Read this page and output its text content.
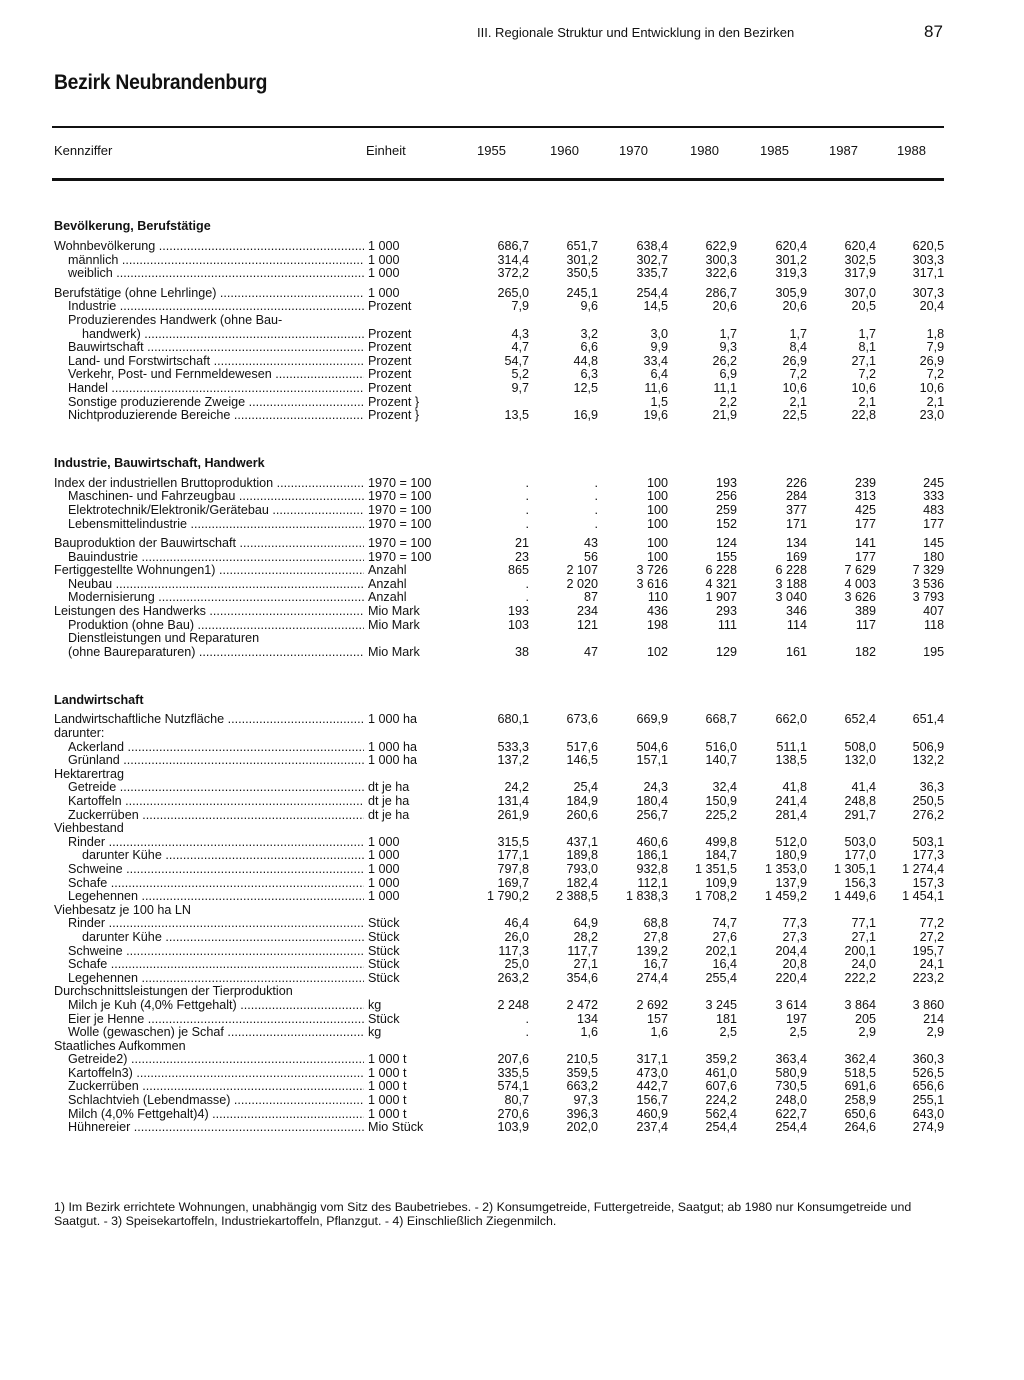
III. Regionale Struktur und Entwicklung in den Bezirken	87
Bezirk Neubrandenburg
Kennziffer	Einheit	1955	1960	1970	1980	1985	1987	1988
Bevölkerung, Berufstätige								

Wohnbevölkerung .....	1 000	686,7	651,7	638,4	622,9	620,4	620,4	620,5

männlich .....	1 000	314,4	301,2	302,7	300,3	301,2	302,5	303,3

weiblich .....	1 000	372,2	350,5	335,7	322,6	319,3	317,9	317,1

Berufstätige (ohne Lehrlinge) .....	1 000	265,0	245,1	254,4	286,7	305,9	307,0	307,3

Industrie .....	Prozent	7,9	9,6	14,5	20,6	20,6	20,5	20,4

Produzierendes Handwerk (ohne Bau-								

handwerk) .....	Prozent	4,3	3,2	3,0	1,7	1,7	1,7	1,8

Bauwirtschaft .....	Prozent	4,7	6,6	9,9	9,3	8,4	8,1	7,9

Land- und Forstwirtschaft .....	Prozent	54,7	44,8	33,4	26,2	26,9	27,1	26,9

Verkehr, Post- und Fernmeldewesen .....	Prozent	5,2	6,3	6,4	6,9	7,2	7,2	7,2

Handel .....	Prozent	9,7	12,5	11,6	11,1	10,6	10,6	10,6

Sonstige produzierende Zweige .....	Prozent }			1,5	2,2	2,1	2,1	2,1

Nichtproduzierende Bereiche .....	Prozent }	13,5	16,9	19,6	21,9	22,5	22,8	23,0

Industrie, Bauwirtschaft, Handwerk								

Index der industriellen Bruttoproduktion .....	1970 = 100	.	.	100	193	226	239	245

Maschinen- und Fahrzeugbau .....	1970 = 100	.	.	100	256	284	313	333

Elektrotechnik/Elektronik/Gerätebau .....	1970 = 100	.	.	100	259	377	425	483

Lebensmittelindustrie .....	1970 = 100	.	.	100	152	171	177	177

Bauproduktion der Bauwirtschaft .....	1970 = 100	21	43	100	124	134	141	145

Bauindustrie .....	1970 = 100	23	56	100	155	169	177	180

Fertiggestellte Wohnungen1) .....	Anzahl	865	2 107	3 726	6 228	6 228	7 629	7 329

Neubau .....	Anzahl	.	2 020	3 616	4 321	3 188	4 003	3 536

Modernisierung .....	Anzahl	.	87	110	1 907	3 040	3 626	3 793

Leistungen des Handwerks .....	Mio Mark	193	234	436	293	346	389	407

Produktion (ohne Bau) .....	Mio Mark	103	121	198	111	114	117	118

Dienstleistungen und Reparaturen								

(ohne Baureparaturen) .....	Mio Mark	38	47	102	129	161	182	195

Landwirtschaft								

Landwirtschaftliche Nutzfläche .....	1 000 ha	680,1	673,6	669,9	668,7	662,0	652,4	651,4

darunter:								

Ackerland .....	1 000 ha	533,3	517,6	504,6	516,0	511,1	508,0	506,9

Grünland .....	1 000 ha	137,2	146,5	157,1	140,7	138,5	132,0	132,2

Hektarertrag								

Getreide .....	dt je ha	24,2	25,4	24,3	32,4	41,8	41,4	36,3

Kartoffeln .....	dt je ha	131,4	184,9	180,4	150,9	241,4	248,8	250,5

Zuckerrüben .....	dt je ha	261,9	260,6	256,7	225,2	281,4	291,7	276,2

Viehbestand								

Rinder .....	1 000	315,5	437,1	460,6	499,8	512,0	503,0	503,1

darunter Kühe .....	1 000	177,1	189,8	186,1	184,7	180,9	177,0	177,3

Schweine .....	1 000	797,8	793,0	932,8	1 351,5	1 353,0	1 305,1	1 274,4

Schafe .....	1 000	169,7	182,4	112,1	109,9	137,9	156,3	157,3

Legehennen .....	1 000	1 790,2	2 388,5	1 838,3	1 708,2	1 459,2	1 449,6	1 454,1

Viehbesatz je 100 ha LN								

Rinder .....	Stück	46,4	64,9	68,8	74,7	77,3	77,1	77,2

darunter Kühe .....	Stück	26,0	28,2	27,8	27,6	27,3	27,1	27,2

Schweine .....	Stück	117,3	117,7	139,2	202,1	204,4	200,1	195,7

Schafe .....	Stück	25,0	27,1	16,7	16,4	20,8	24,0	24,1

Legehennen .....	Stück	263,2	354,6	274,4	255,4	220,4	222,2	223,2

Durchschnittsleistungen der Tierproduktion								

Milch je Kuh (4,0% Fettgehalt) .....	kg	2 248	2 472	2 692	3 245	3 614	3 864	3 860

Eier je Henne .....	Stück	.	134	157	181	197	205	214

Wolle (gewaschen) je Schaf .....	kg	.	1,6	1,6	2,5	2,5	2,9	2,9

Staatliches Aufkommen								

Getreide2) .....	1 000 t	207,6	210,5	317,1	359,2	363,4	362,4	360,3

Kartoffeln3) .....	1 000 t	335,5	359,5	473,0	461,0	580,9	518,5	526,5

Zuckerrüben .....	1 000 t	574,1	663,2	442,7	607,6	730,5	691,6	656,6

Schlachtvieh (Lebendmasse) .....	1 000 t	80,7	97,3	156,7	224,2	248,0	258,9	255,1

Milch (4,0% Fettgehalt)4) .....	1 000 t	270,6	396,3	460,9	562,4	622,7	650,6	643,0

Hühnereier .....	Mio Stück	103,9	202,0	237,4	254,4	254,4	264,6	274,9
1) Im Bezirk errichtete Wohnungen, unabhängig vom Sitz des Baubetriebes. - 2) Konsumgetreide, Futtergetreide, Saatgut; ab 1980 nur Konsumgetreide und Saatgut. - 3) Speisekartoffeln, Industriekartoffeln, Pflanzgut. - 4) Einschließlich Ziegenmilch.
